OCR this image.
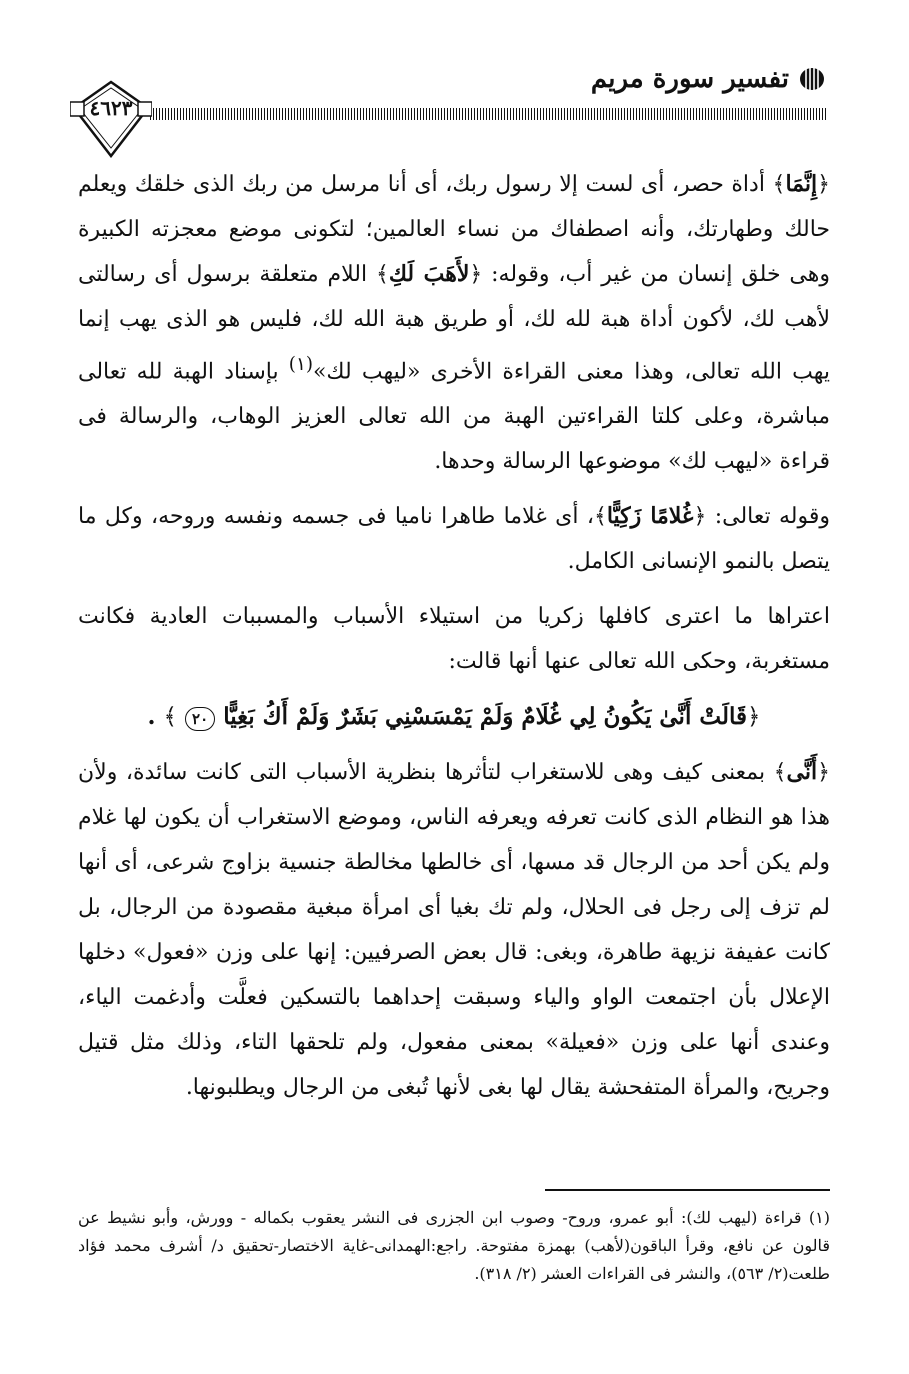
تفسير سورة مريم
٤٦٢٣

﴿إِنَّمَا﴾ أداة حصر، أى لست إلا رسول ربك، أى أنا مرسل من ربك الذى خلقك ويعلم حالك وطهارتك، وأنه اصطفاك من نساء العالمين؛ لتكونى موضع معجزته الكبيرة وهى خلق إنسان من غير أب، وقوله: ﴿لأَهَبَ لَكِ﴾ اللام متعلقة برسول أى رسالتى لأهب لك، لأكون أداة هبة لله لك، أو طريق هبة الله لك، فليس هو الذى يهب إنما يهب الله تعالى، وهذا معنى القراءة الأخرى «ليهب لك»$^{(١)}$ بإسناد الهبة لله تعالى مباشرة، وعلى كلتا القراءتين الهبة من الله تعالى العزيز الوهاب، والرسالة فى قراءة «ليهب لك» موضوعها الرسالة وحدها.

وقوله تعالى: ﴿غُلامًا زَكِيًّا﴾، أى غلاما طاهرا ناميا فى جسمه ونفسه وروحه، وكل ما يتصل بالنمو الإنسانى الكامل.

اعتراها ما اعترى كافلها زكريا من استيلاء الأسباب والمسببات العادية فكانت مستغربة، وحكى الله تعالى عنها أنها قالت:

﴿قَالَتْ أَنَّىٰ يَكُونُ لِي غُلَامٌ وَلَمْ يَمْسَسْنِي بَشَرٌ وَلَمْ أَكُ بَغِيًّا ٢٠ ﴾ .

﴿أَنَّى﴾ بمعنى كيف وهى للاستغراب لتأثرها بنظرية الأسباب التى كانت سائدة، ولأن هذا هو النظام الذى كانت تعرفه ويعرفه الناس، وموضع الاستغراب أن يكون لها غلام ولم يكن أحد من الرجال قد مسها، أى خالطها مخالطة جنسية بزاوج شرعى، أى أنها لم تزف إلى رجل فى الحلال، ولم تك بغيا أى امرأة مبغية مقصودة من الرجال، بل كانت عفيفة نزيهة طاهرة، وبغى: قال بعض الصرفيين: إنها على وزن «فعول» دخلها الإعلال بأن اجتمعت الواو والياء وسبقت إحداهما بالتسكين فعلَّت وأدغمت الياء، وعندى أنها على وزن «فعيلة» بمعنى مفعول، ولم تلحقها التاء، وذلك مثل قتيل وجريح، والمرأة المتفحشة يقال لها بغى لأنها تُبغى من الرجال ويطلبونها.

(١) قراءة (ليهب لك): أبو عمرو، وروح- وصوب ابن الجزرى فى النشر يعقوب بكماله - وورش، وأبو نشيط عن قالون عن نافع، وقرأ الباقون(لأهب) بهمزة مفتوحة. راجع:الهمدانى-غاية الاختصار-تحقيق د/ أشرف محمد فؤاد طلعت(٢/ ٥٦٣)، والنشر فى القراءات العشر (٢/ ٣١٨).
